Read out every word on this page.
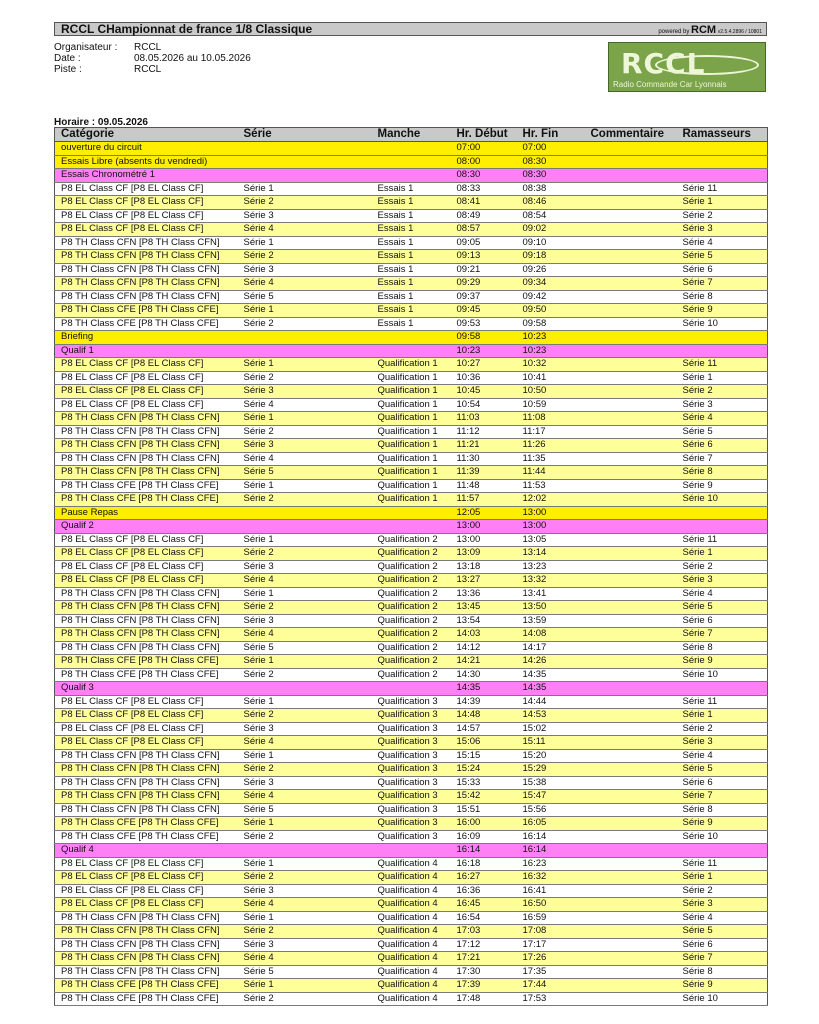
RCCL CHampionnat de france 1/8 Classique	powered by RCM v2.5.4.2896 / 10801
Organisateur :	RCCL
Date :	08.05.2026 au 10.05.2026
Piste :	RCCL	RCCL
Radio Commande Car Lyonnais
Horaire : 09.05.2026
Catégorie	Série	Manche	Hr. Début	Hr. Fin	Commentaire	Ramasseurs
ouverture du circuit			07:00	07:00		
Essais Libre (absents du vendredi)			08:00	08:30		
Essais Chronométré 1			08:30	08:30		
P8 EL Class CF [P8 EL Class CF]	Série 1	Essais 1	08:33	08:38		Série 11
P8 EL Class CF [P8 EL Class CF]	Série 2	Essais 1	08:41	08:46		Série 1
P8 EL Class CF [P8 EL Class CF]	Série 3	Essais 1	08:49	08:54		Série 2
P8 EL Class CF [P8 EL Class CF]	Série 4	Essais 1	08:57	09:02		Série 3
P8 TH Class CFN [P8 TH Class CFN]	Série 1	Essais 1	09:05	09:10		Série 4
P8 TH Class CFN [P8 TH Class CFN]	Série 2	Essais 1	09:13	09:18		Série 5
P8 TH Class CFN [P8 TH Class CFN]	Série 3	Essais 1	09:21	09:26		Série 6
P8 TH Class CFN [P8 TH Class CFN]	Série 4	Essais 1	09:29	09:34		Série 7
P8 TH Class CFN [P8 TH Class CFN]	Série 5	Essais 1	09:37	09:42		Série 8
P8 TH Class CFE [P8 TH Class CFE]	Série 1	Essais 1	09:45	09:50		Série 9
P8 TH Class CFE [P8 TH Class CFE]	Série 2	Essais 1	09:53	09:58		Série 10
Briefing			09:58	10:23		
Qualif 1			10:23	10:23		
P8 EL Class CF [P8 EL Class CF]	Série 1	Qualification 1	10:27	10:32		Série 11
P8 EL Class CF [P8 EL Class CF]	Série 2	Qualification 1	10:36	10:41		Série 1
P8 EL Class CF [P8 EL Class CF]	Série 3	Qualification 1	10:45	10:50		Série 2
P8 EL Class CF [P8 EL Class CF]	Série 4	Qualification 1	10:54	10:59		Série 3
P8 TH Class CFN [P8 TH Class CFN]	Série 1	Qualification 1	11:03	11:08		Série 4
P8 TH Class CFN [P8 TH Class CFN]	Série 2	Qualification 1	11:12	11:17		Série 5
P8 TH Class CFN [P8 TH Class CFN]	Série 3	Qualification 1	11:21	11:26		Série 6
P8 TH Class CFN [P8 TH Class CFN]	Série 4	Qualification 1	11:30	11:35		Série 7
P8 TH Class CFN [P8 TH Class CFN]	Série 5	Qualification 1	11:39	11:44		Série 8
P8 TH Class CFE [P8 TH Class CFE]	Série 1	Qualification 1	11:48	11:53		Série 9
P8 TH Class CFE [P8 TH Class CFE]	Série 2	Qualification 1	11:57	12:02		Série 10
Pause Repas			12:05	13:00		
Qualif 2			13:00	13:00		
P8 EL Class CF [P8 EL Class CF]	Série 1	Qualification 2	13:00	13:05		Série 11
P8 EL Class CF [P8 EL Class CF]	Série 2	Qualification 2	13:09	13:14		Série 1
P8 EL Class CF [P8 EL Class CF]	Série 3	Qualification 2	13:18	13:23		Série 2
P8 EL Class CF [P8 EL Class CF]	Série 4	Qualification 2	13:27	13:32		Série 3
P8 TH Class CFN [P8 TH Class CFN]	Série 1	Qualification 2	13:36	13:41		Série 4
P8 TH Class CFN [P8 TH Class CFN]	Série 2	Qualification 2	13:45	13:50		Série 5
P8 TH Class CFN [P8 TH Class CFN]	Série 3	Qualification 2	13:54	13:59		Série 6
P8 TH Class CFN [P8 TH Class CFN]	Série 4	Qualification 2	14:03	14:08		Série 7
P8 TH Class CFN [P8 TH Class CFN]	Série 5	Qualification 2	14:12	14:17		Série 8
P8 TH Class CFE [P8 TH Class CFE]	Série 1	Qualification 2	14:21	14:26		Série 9
P8 TH Class CFE [P8 TH Class CFE]	Série 2	Qualification 2	14:30	14:35		Série 10
Qualif 3			14:35	14:35		
P8 EL Class CF [P8 EL Class CF]	Série 1	Qualification 3	14:39	14:44		Série 11
P8 EL Class CF [P8 EL Class CF]	Série 2	Qualification 3	14:48	14:53		Série 1
P8 EL Class CF [P8 EL Class CF]	Série 3	Qualification 3	14:57	15:02		Série 2
P8 EL Class CF [P8 EL Class CF]	Série 4	Qualification 3	15:06	15:11		Série 3
P8 TH Class CFN [P8 TH Class CFN]	Série 1	Qualification 3	15:15	15:20		Série 4
P8 TH Class CFN [P8 TH Class CFN]	Série 2	Qualification 3	15:24	15:29		Série 5
P8 TH Class CFN [P8 TH Class CFN]	Série 3	Qualification 3	15:33	15:38		Série 6
P8 TH Class CFN [P8 TH Class CFN]	Série 4	Qualification 3	15:42	15:47		Série 7
P8 TH Class CFN [P8 TH Class CFN]	Série 5	Qualification 3	15:51	15:56		Série 8
P8 TH Class CFE [P8 TH Class CFE]	Série 1	Qualification 3	16:00	16:05		Série 9
P8 TH Class CFE [P8 TH Class CFE]	Série 2	Qualification 3	16:09	16:14		Série 10
Qualif 4			16:14	16:14		
P8 EL Class CF [P8 EL Class CF]	Série 1	Qualification 4	16:18	16:23		Série 11
P8 EL Class CF [P8 EL Class CF]	Série 2	Qualification 4	16:27	16:32		Série 1
P8 EL Class CF [P8 EL Class CF]	Série 3	Qualification 4	16:36	16:41		Série 2
P8 EL Class CF [P8 EL Class CF]	Série 4	Qualification 4	16:45	16:50		Série 3
P8 TH Class CFN [P8 TH Class CFN]	Série 1	Qualification 4	16:54	16:59		Série 4
P8 TH Class CFN [P8 TH Class CFN]	Série 2	Qualification 4	17:03	17:08		Série 5
P8 TH Class CFN [P8 TH Class CFN]	Série 3	Qualification 4	17:12	17:17		Série 6
P8 TH Class CFN [P8 TH Class CFN]	Série 4	Qualification 4	17:21	17:26		Série 7
P8 TH Class CFN [P8 TH Class CFN]	Série 5	Qualification 4	17:30	17:35		Série 8
P8 TH Class CFE [P8 TH Class CFE]	Série 1	Qualification 4	17:39	17:44		Série 9
P8 TH Class CFE [P8 TH Class CFE]	Série 2	Qualification 4	17:48	17:53		Série 10
